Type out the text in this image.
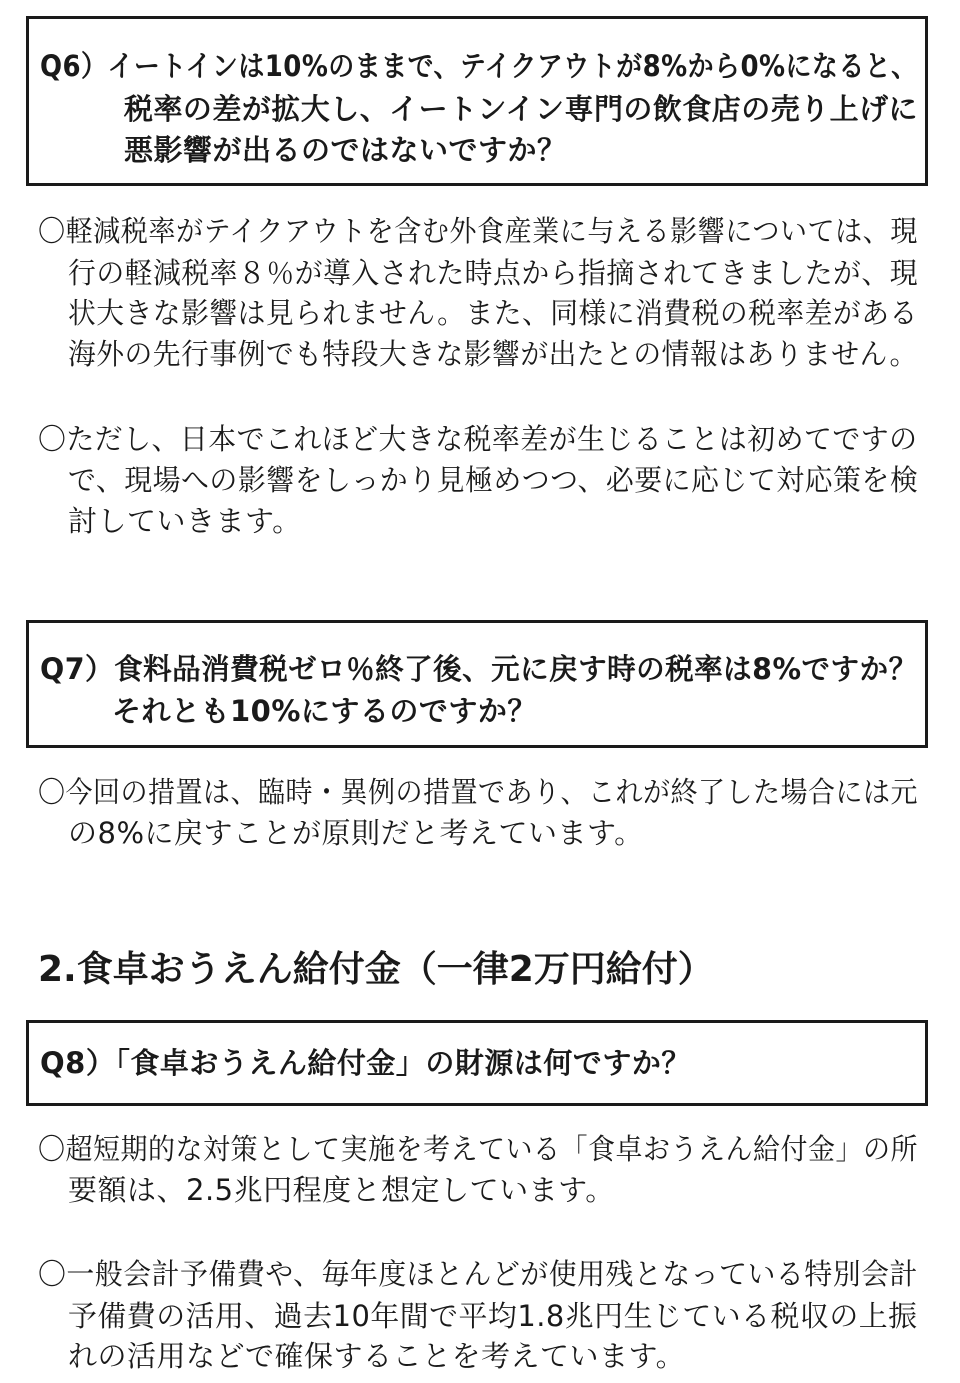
Q6）イートインは10%のままで、テイクアウトが8%から0%になると、
税率の差が拡大し、イートンイン専門の飲食店の売り上げに
悪影響が出るのではないですか？
〇軽減税率がテイクアウトを含む外食産業に与える影響については、現
行の軽減税率８％が導入された時点から指摘されてきましたが、現
状大きな影響は見られません。また、同様に消費税の税率差がある
海外の先行事例でも特段大きな影響が出たとの情報はありません。
〇ただし、日本でこれほど大きな税率差が生じることは初めてですの
で、現場への影響をしっかり見極めつつ、必要に応じて対応策を検
討していきます。
Q7）食料品消費税ゼロ％終了後、元に戻す時の税率は8%ですか？
それとも10%にするのですか？
〇今回の措置は、臨時・異例の措置であり、これが終了した場合には元
の8%に戻すことが原則だと考えています。
2.食卓おうえん給付金（一律2万円給付）
Q8）「食卓おうえん給付金」の財源は何ですか？
〇超短期的な対策として実施を考えている「食卓おうえん給付金」の所
要額は、2.5兆円程度と想定しています。
〇一般会計予備費や、毎年度ほとんどが使用残となっている特別会計
予備費の活用、過去10年間で平均1.8兆円生じている税収の上振
れの活用などで確保することを考えています。
